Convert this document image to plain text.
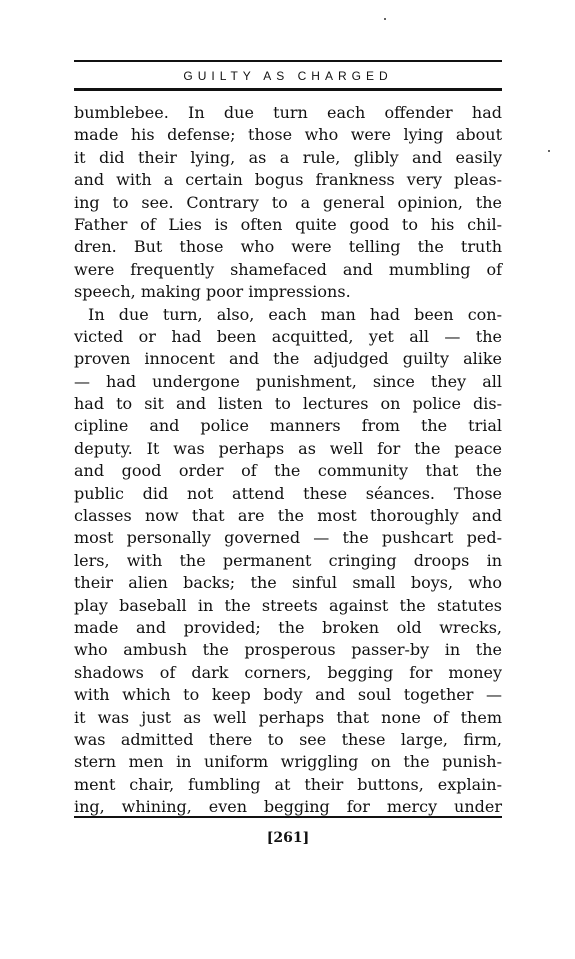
GUILTY AS CHARGED
bumblebee. In due turn each offender had
made his defense; those who were lying about
it did their lying, as a rule, glibly and easily
and with a certain bogus frankness very pleas-
ing to see. Contrary to a general opinion, the
Father of Lies is often quite good to his chil-
dren. But those who were telling the truth
were frequently shamefaced and mumbling of
speech, making poor impressions.
In due turn, also, each man had been con-
victed or had been acquitted, yet all — the
proven innocent and the adjudged guilty alike
— had undergone punishment, since they all
had to sit and listen to lectures on police dis-
cipline and police manners from the trial
deputy. It was perhaps as well for the peace
and good order of the community that the
public did not attend these séances. Those
classes now that are the most thoroughly and
most personally governed — the pushcart ped-
lers, with the permanent cringing droops in
their alien backs; the sinful small boys, who
play baseball in the streets against the statutes
made and provided; the broken old wrecks,
who ambush the prosperous passer-by in the
shadows of dark corners, begging for money
with which to keep body and soul together —
it was just as well perhaps that none of them
was admitted there to see these large, firm,
stern men in uniform wriggling on the punish-
ment chair, fumbling at their buttons, explain-
ing, whining, even begging for mercy under
[261]
